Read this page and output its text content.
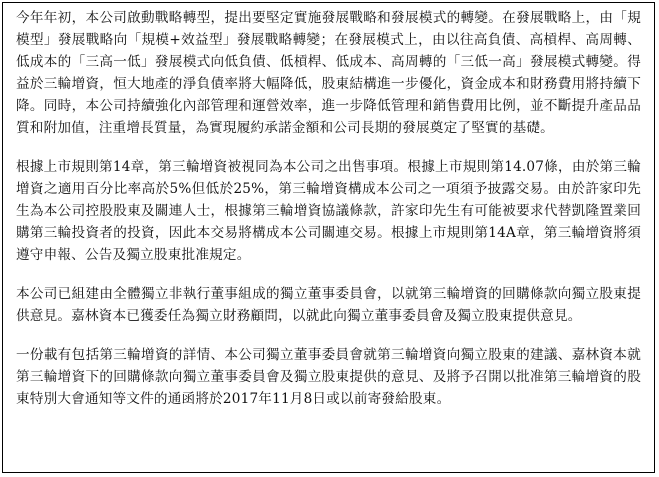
今年年初，本公司啟動戰略轉型，提出要堅定實施發展戰略和發展模式的轉變。在發展戰略上，由「規模型」發展戰略向「規模+效益型」發展戰略轉變；在發展模式上，由以往高負債、高槓桿、高周轉、低成本的「三高一低」發展模式向低負債、低槓桿、低成本、高周轉的「三低一高」發展模式轉變。得益於三輪增資，恒大地產的淨負債率將大幅降低，股東結構進一步優化，資金成本和財務費用將持續下降。同時，本公司持續強化內部管理和運營效率，進一步降低管理和銷售費用比例，並不斷提升產品品質和附加值，注重增長質量，為實現履約承諾金額和公司長期的發展奠定了堅實的基礎。

根據上市規則第14章，第三輪增資被視同為本公司之出售事項。根據上市規則第14.07條，由於第三輪增資之適用百分比率高於5%但低於25%，第三輪增資構成本公司之一項須予披露交易。由於許家印先生為本公司控股股東及關連人士，根據第三輪增資協議條款，許家印先生有可能被要求代替凱隆置業回購第三輪投資者的投資，因此本交易將構成本公司關連交易。根據上市規則第14A章，第三輪增資將須遵守申報、公告及獨立股東批准規定。

本公司已組建由全體獨立非執行董事組成的獨立董事委員會，以就第三輪增資的回購條款向獨立股東提供意見。嘉林資本已獲委任為獨立財務顧問，以就此向獨立董事委員會及獨立股東提供意見。

一份載有包括第三輪增資的詳情、本公司獨立董事委員會就第三輪增資向獨立股東的建議、嘉林資本就第三輪增資下的回購條款向獨立董事委員會及獨立股東提供的意見、及將予召開以批准第三輪增資的股東特別大會通知等文件的通函將於2017年11月8日或以前寄發給股東。
